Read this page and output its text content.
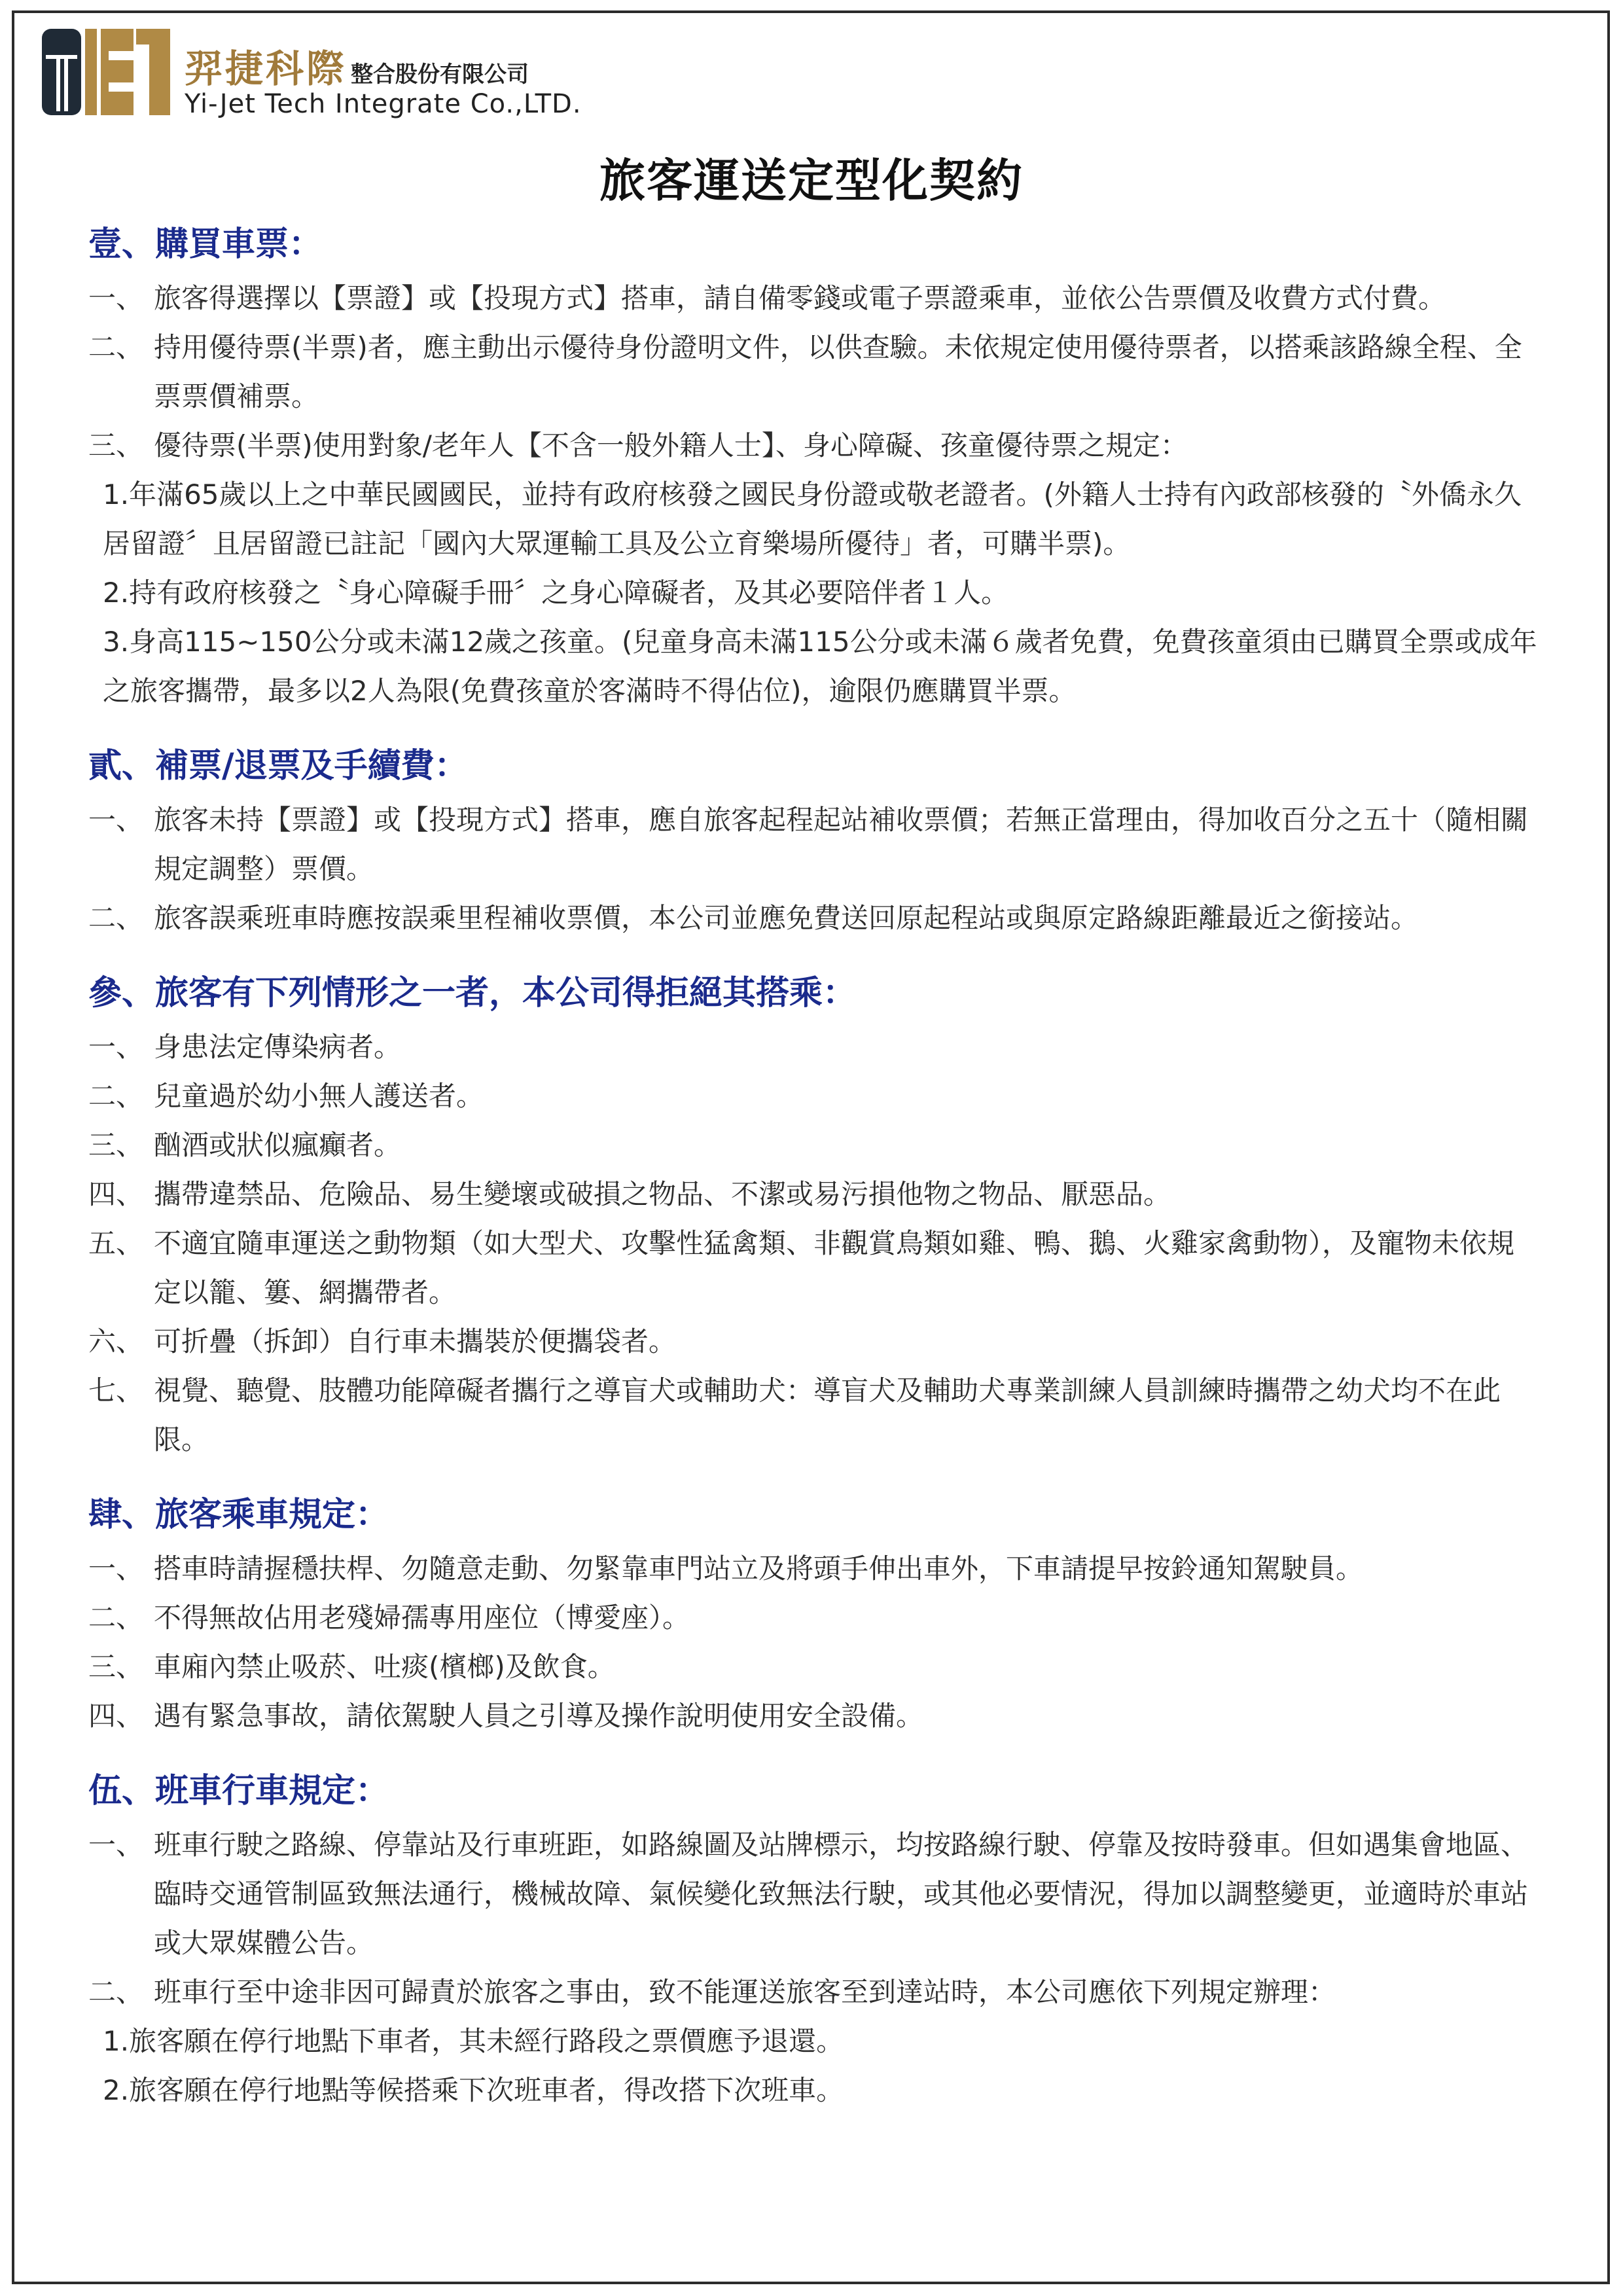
羿捷科際 整合股份有限公司
Yi-Jet Tech Integrate Co.,LTD.
旅客運送定型化契約
壹、購買車票：

一、 旅客得選擇以【票證】或【投現方式】搭車，請自備零錢或電子票證乘車，並依公告票價及收費方式付費。

二、 持用優待票(半票)者，應主動出示優待身份證明文件，以供查驗。未依規定使用優待票者，以搭乘該路線全程、全票票價補票。

三、 優待票(半票)使用對象/老年人【不含一般外籍人士】、身心障礙、孩童優待票之規定：

1.年滿65歲以上之中華民國國民，並持有政府核發之國民身份證或敬老證者。(外籍人士持有內政部核發的〝外僑永久居留證〞且居留證已註記「國內大眾運輸工具及公立育樂場所優待」者，可購半票)。

2.持有政府核發之〝身心障礙手冊〞之身心障礙者，及其必要陪伴者１人。

3.身高115~150公分或未滿12歲之孩童。(兒童身高未滿115公分或未滿６歲者免費，免費孩童須由已購買全票或成年之旅客攜帶，最多以2人為限(免費孩童於客滿時不得佔位)，逾限仍應購買半票。

貳、補票/退票及手續費：

一、 旅客未持【票證】或【投現方式】搭車，應自旅客起程起站補收票價；若無正當理由，得加收百分之五十（隨相關規定調整）票價。

二、 旅客誤乘班車時應按誤乘里程補收票價，本公司並應免費送回原起程站或與原定路線距離最近之銜接站。

參、旅客有下列情形之一者，本公司得拒絕其搭乘：

一、 身患法定傳染病者。

二、 兒童過於幼小無人護送者。

三、 酗酒或狀似瘋癲者。

四、 攜帶違禁品、危險品、易生變壞或破損之物品、不潔或易污損他物之物品、厭惡品。

五、 不適宜隨車運送之動物類（如大型犬、攻擊性猛禽類、非觀賞鳥類如雞、鴨、鵝、火雞家禽動物），及寵物未依規定以籠、簍、網攜帶者。

六、 可折疊（拆卸）自行車未攜裝於便攜袋者。

七、 視覺、聽覺、肢體功能障礙者攜行之導盲犬或輔助犬：導盲犬及輔助犬專業訓練人員訓練時攜帶之幼犬均不在此限。

肆、旅客乘車規定：

一、 搭車時請握穩扶桿、勿隨意走動、勿緊靠車門站立及將頭手伸出車外，下車請提早按鈴通知駕駛員。

二、 不得無故佔用老殘婦孺專用座位（博愛座）。

三、 車廂內禁止吸菸、吐痰(檳榔)及飲食。

四、 遇有緊急事故，請依駕駛人員之引導及操作說明使用安全設備。

伍、班車行車規定：

一、 班車行駛之路線、停靠站及行車班距，如路線圖及站牌標示，均按路線行駛、停靠及按時發車。但如遇集會地區、臨時交通管制區致無法通行，機械故障、氣候變化致無法行駛，或其他必要情況，得加以調整變更，並適時於車站或大眾媒體公告。

二、 班車行至中途非因可歸責於旅客之事由，致不能運送旅客至到達站時，本公司應依下列規定辦理：

1.旅客願在停行地點下車者，其未經行路段之票價應予退還。

2.旅客願在停行地點等候搭乘下次班車者，得改搭下次班車。
